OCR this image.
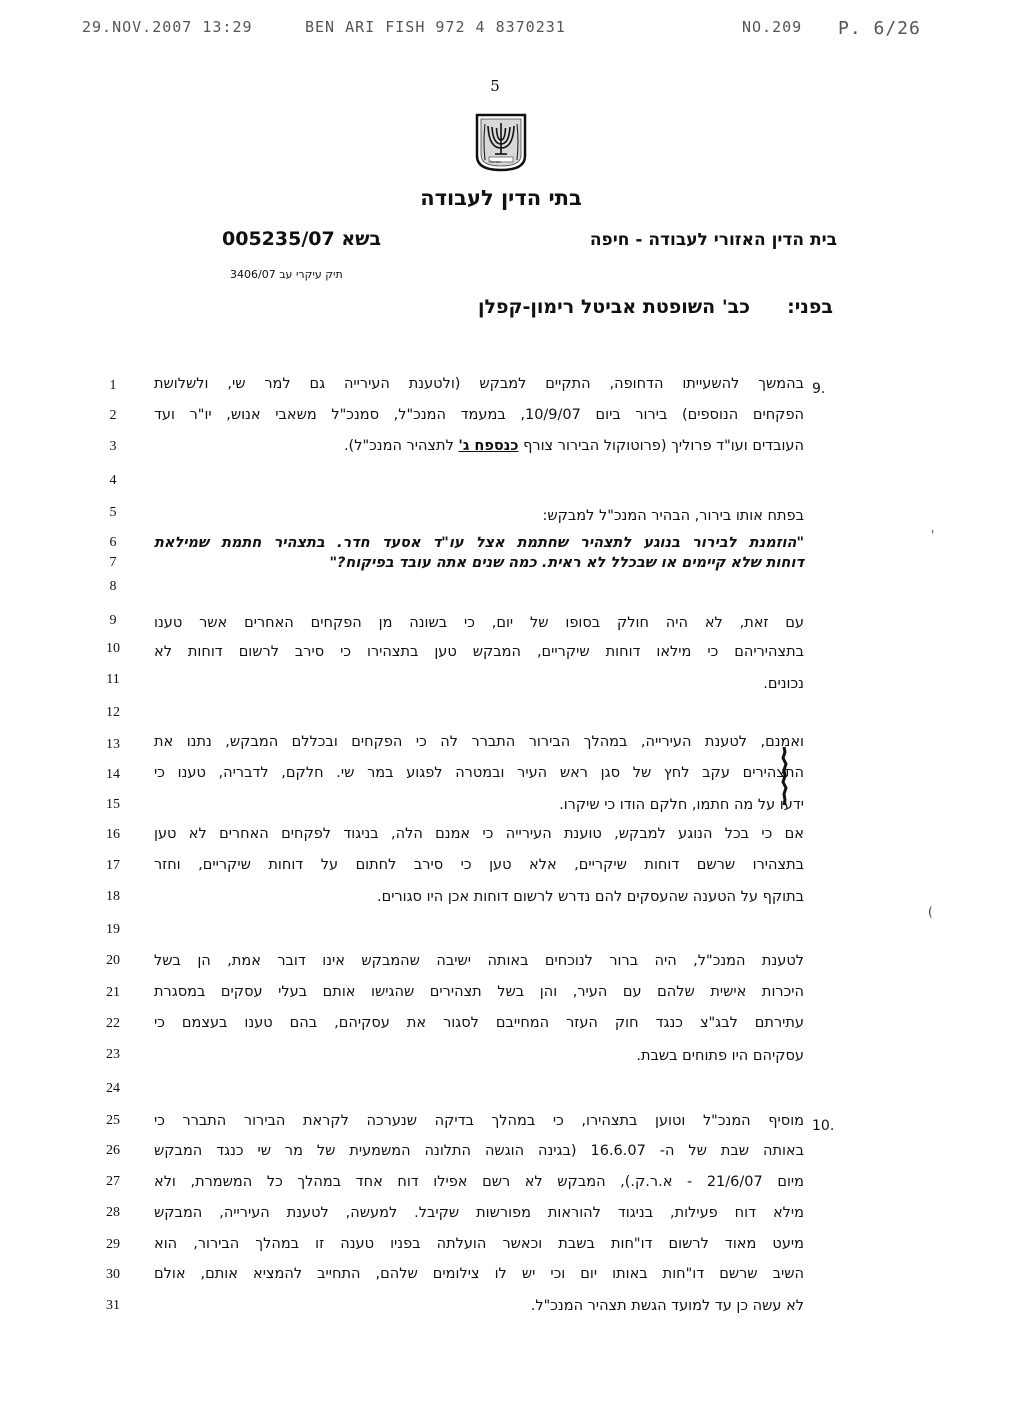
29.NOV.2007 13:29	BEN ARI FISH 972 4 8370231	NO.209 P. 6/26
5
ישראל
בתי הדין לעבודה
בית הדין האזורי לעבודה - חיפה
בשא 005235/07
תיק עיקרי עב 3406/07
בפני:
כב' השופטת אביטל רימון-קפלן
1
2
3
4
5
6
7
8
9
10
11
12
13
14
15
16
17
18
19
20
21
22
23
24
25
26
27
28
29
30
31
9.
10.
בהמשך להשעייתו הדחופה, התקיים למבקש (ולטענת העירייה גם למר שי, ולשלושת
הפקחים הנוספים) בירור ביום 10/9/07, במעמד המנכ"ל, סמנכ"ל משאבי אנוש, יו"ר ועד
העובדים ועו"ד פרוליך (פרוטוקול הבירור צורף כנספח ג' לתצהיר המנכ"ל).
בפתח אותו בירור, הבהיר המנכ"ל למבקש:
"הוזמנת לבירור בנוגע לתצהיר שחתמת אצל עו"ד אסעד חדר. בתצהיר חתמת שמילאת
דוחות שלא קיימים או שבכלל לא ראית. כמה שנים אתה עובד בפיקוח?"
עם זאת, לא היה חולק בסופו של יום, כי בשונה מן הפקחים האחרים אשר טענו
בתצהיריהם כי מילאו דוחות שיקריים, המבקש טען בתצהירו כי סירב לרשום דוחות לא
נכונים.
ואמנם, לטענת העירייה, במהלך הבירור התברר לה כי הפקחים ובכללם המבקש, נתנו את
התצהירים עקב לחץ של סגן ראש העיר ובמטרה לפגוע במר שי. חלקם, לדבריה, טענו כי
ידעו על מה חתמו, חלקם הודו כי שיקרו.
אם כי בכל הנוגע למבקש, טוענת העירייה כי אמנם הלה, בניגוד לפקחים האחרים לא טען
בתצהירו שרשם דוחות שיקריים, אלא טען כי סירב לחתום על דוחות שיקריים, וחזר
בתוקף על הטענה שהעסקים להם נדרש לרשום דוחות אכן היו סגורים.
לטענת המנכ"ל, היה ברור לנוכחים באותה ישיבה שהמבקש אינו דובר אמת, הן בשל
היכרות אישית שלהם עם העיר, והן בשל תצהירים שהגישו אותם בעלי עסקים במסגרת
עתירתם לבג"צ כנגד חוק העזר המחייבם לסגור את עסקיהם, בהם טענו בעצמם כי
עסקיהם היו פתוחים בשבת.
מוסיף המנכ"ל וטוען בתצהירו, כי במהלך בדיקה שנערכה לקראת הבירור התברר כי
באותה שבת של ה- 16.6.07 (בגינה הוגשה התלונה המשמעית של מר שי כנגד המבקש
מיום 21/6/07 - א.ר.ק.), המבקש לא רשם אפילו דוח אחד במהלך כל המשמרת, ולא
מילא דוח פעילות, בניגוד להוראות מפורשות שקיבל. למעשה, לטענת העירייה, המבקש
מיעט מאוד לרשום דו"חות בשבת וכאשר הועלתה בפניו טענה זו במהלך הבירור, הוא
השיב שרשם דו"חות באותו יום וכי יש לו צילומים שלהם, התחייב להמציא אותם, אולם
לא עשה כן עד למועד הגשת תצהיר המנכ"ל.
(
'
